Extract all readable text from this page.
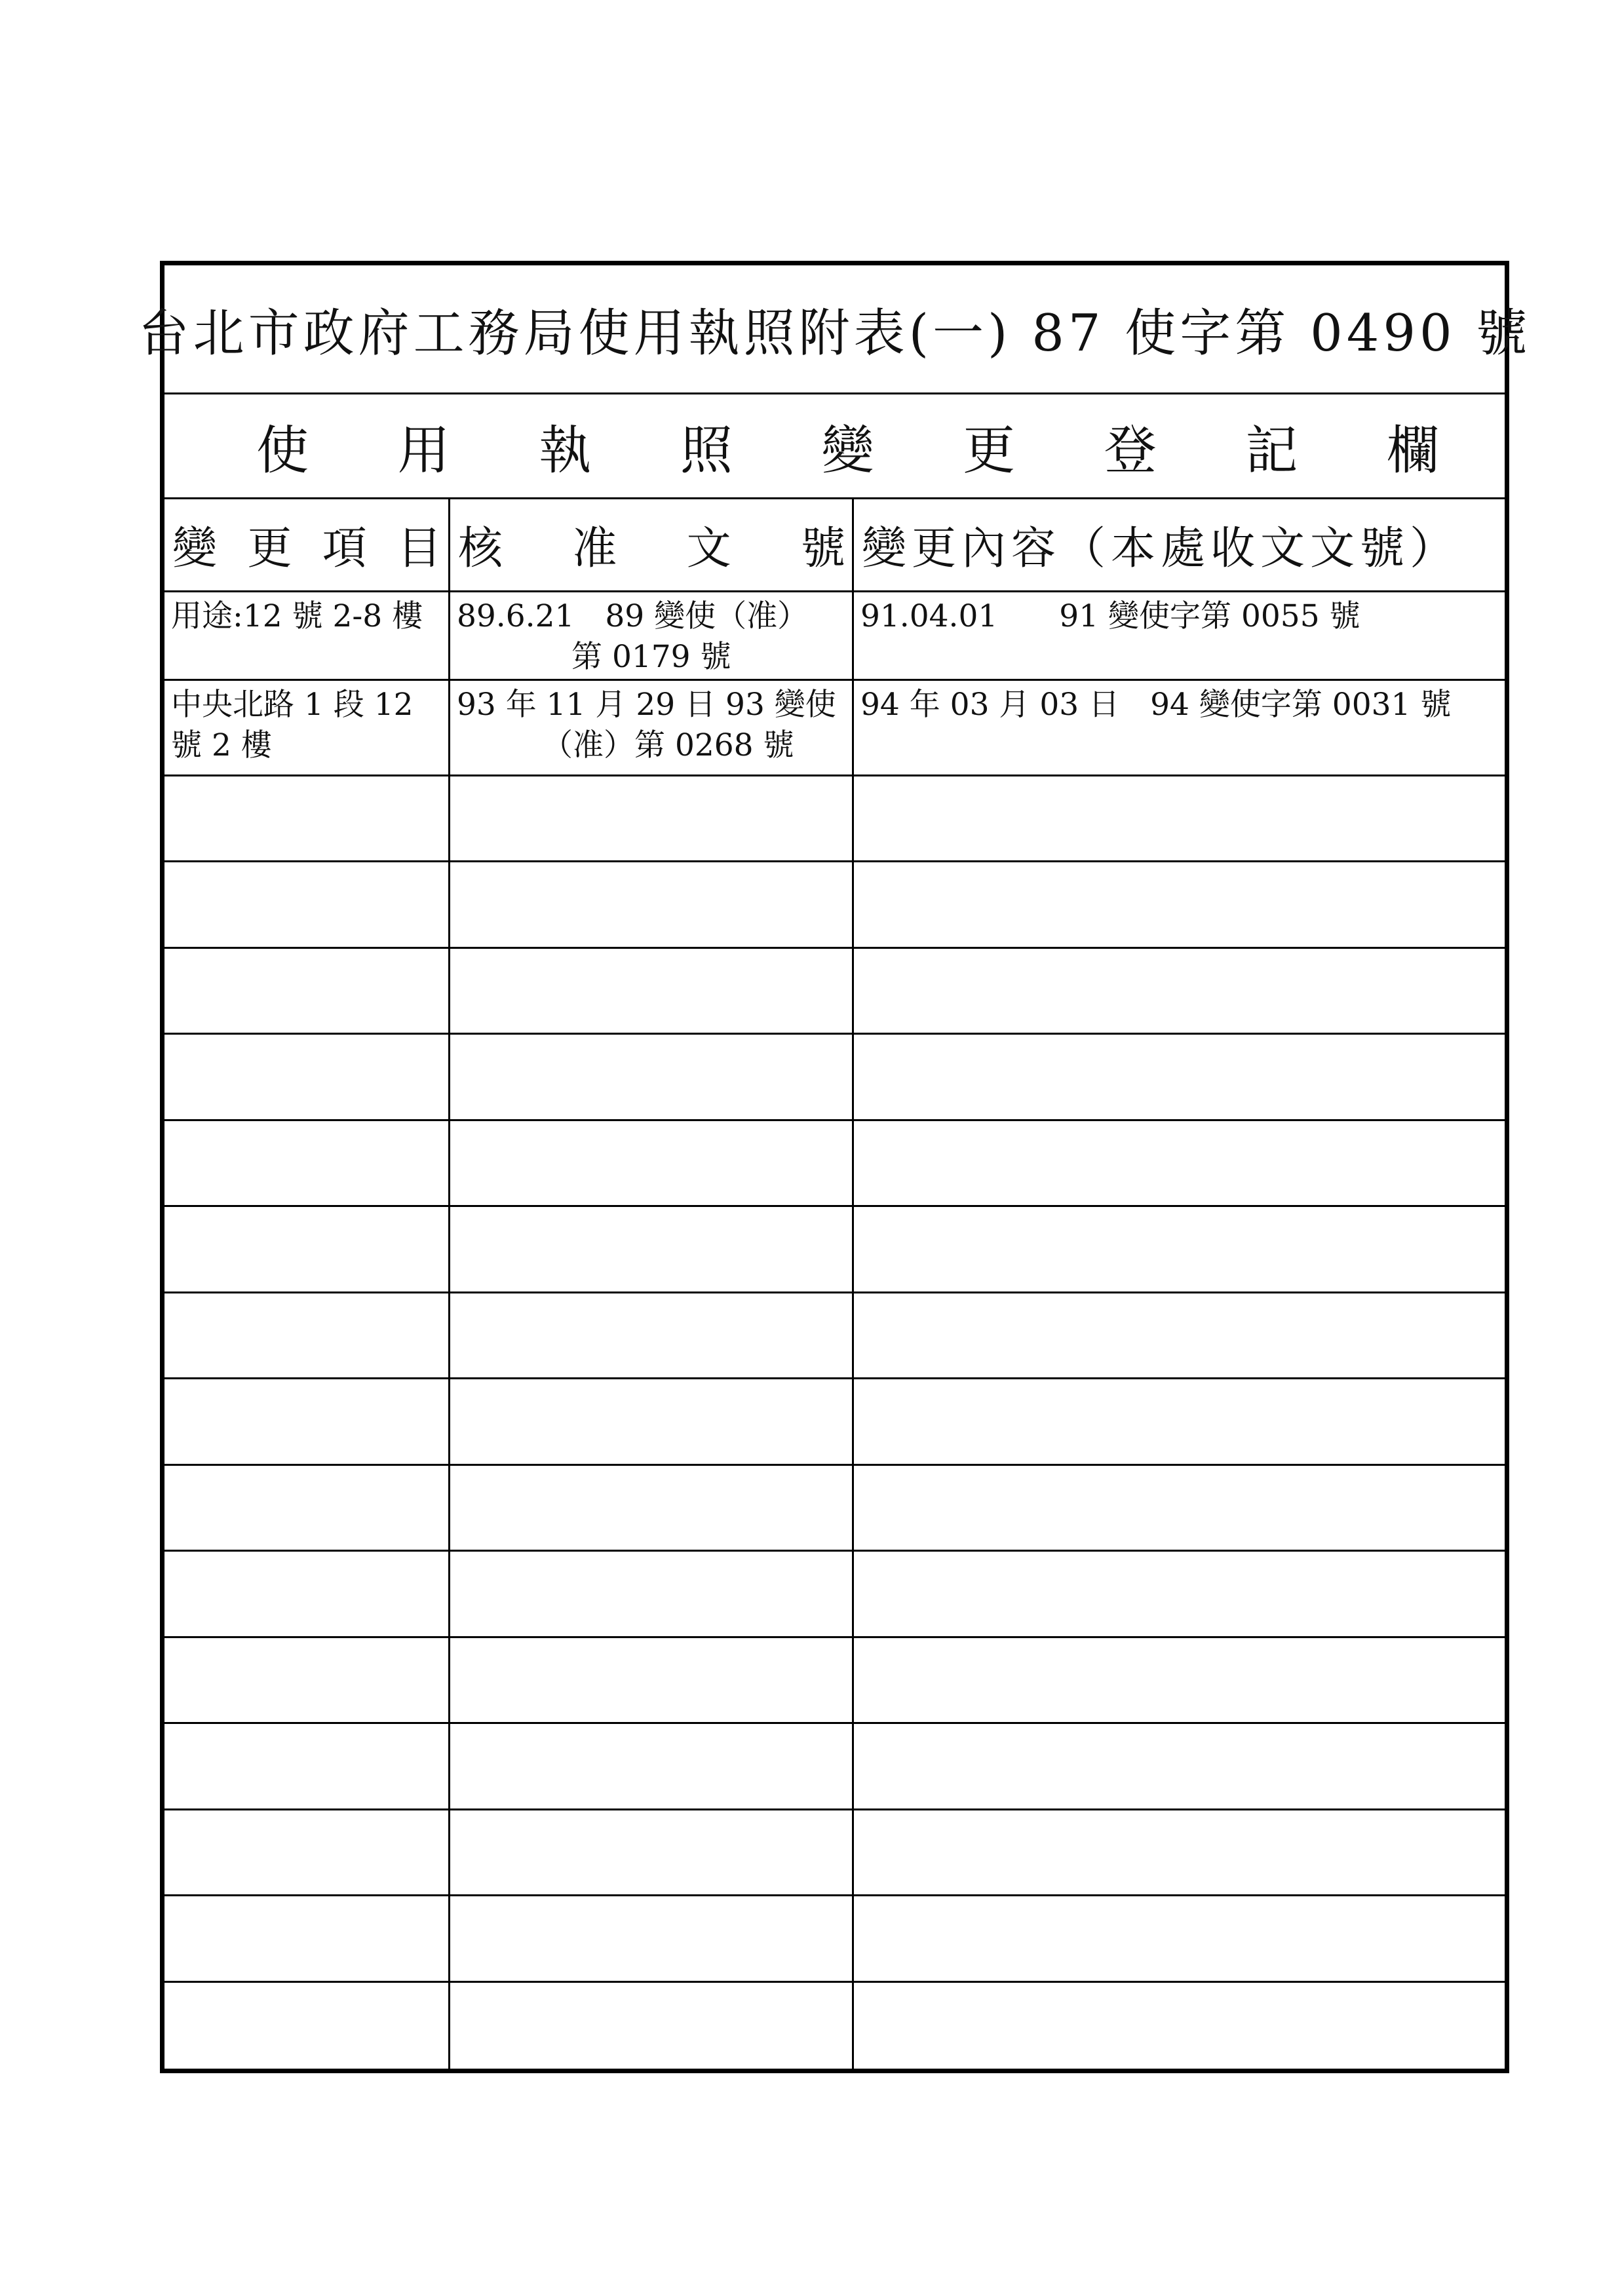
台北市政府工務局使用執照附表(一) 87 使字第 0490 號
使 用 執 照 變 更 登 記 欄
變 更 項 目 核 准 文 號 變更內容（本處收文文號）
用途:12 號 2-8 樓	89.6.21　89 變使（准）
第 0179 號
91.04.01　　91 變使字第 0055 號
中央北路 1 段 12
號 2 樓
93 年 11 月 29 日 93 變使
（准）第 0268 號
94 年 03 月 03 日　94 變使字第 0031 號
